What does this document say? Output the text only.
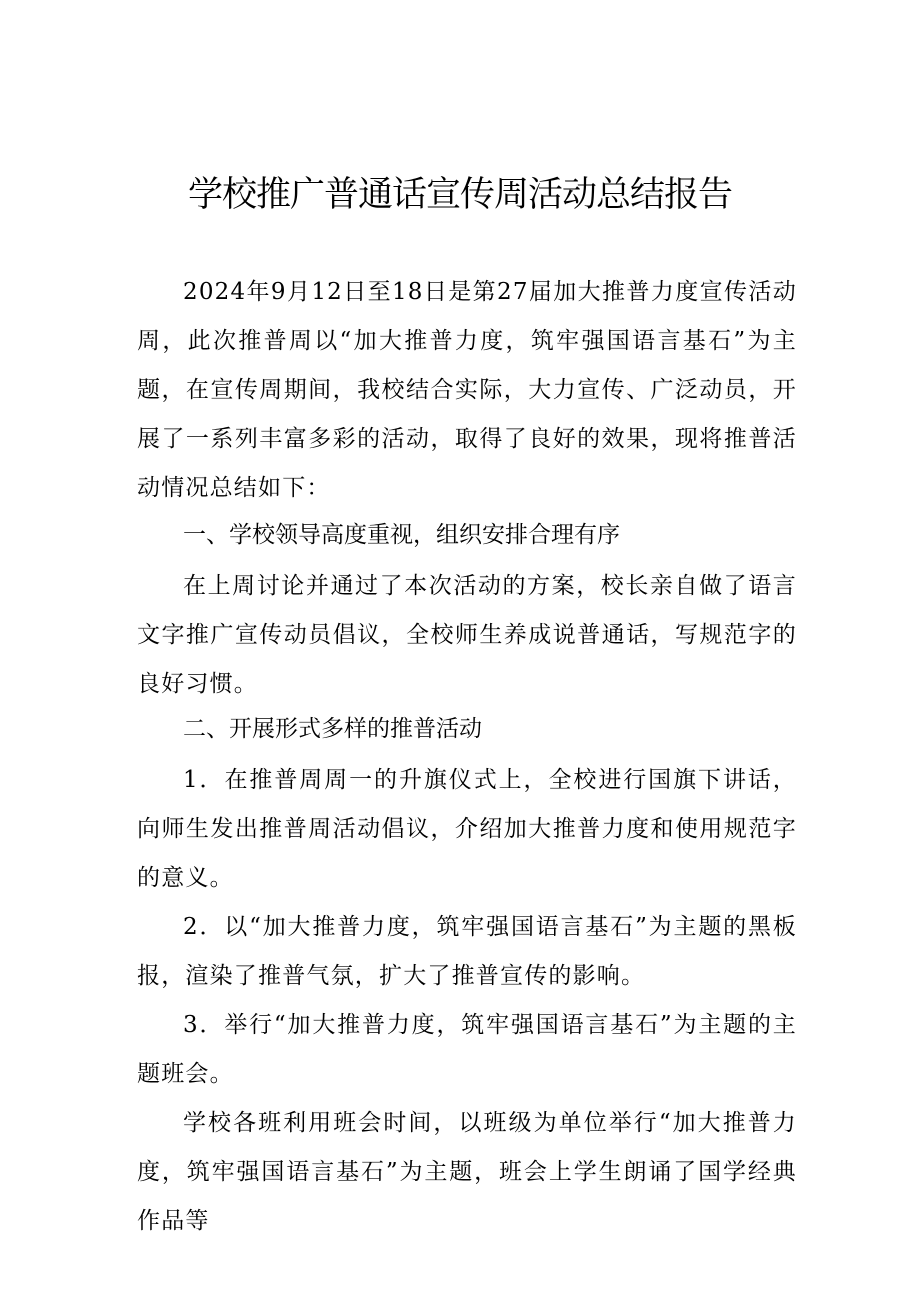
学校推广普通话宣传周活动总结报告

2024年9月12日至18日是第27届加大推普力度宣传活动周，此次推普周以“加大推普力度，筑牢强国语言基石”为主题，在宣传周期间，我校结合实际，大力宣传、广泛动员，开展了一系列丰富多彩的活动，取得了良好的效果，现将推普活动情况总结如下：

一、学校领导高度重视，组织安排合理有序

在上周讨论并通过了本次活动的方案，校长亲自做了语言文字推广宣传动员倡议，全校师生养成说普通话，写规范字的良好习惯。

二、开展形式多样的推普活动

1．在推普周周一的升旗仪式上，全校进行国旗下讲话，向师生发出推普周活动倡议，介绍加大推普力度和使用规范字的意义。

2．以“加大推普力度，筑牢强国语言基石”为主题的黑板报，渲染了推普气氛，扩大了推普宣传的影响。

3．举行“加大推普力度，筑牢强国语言基石”为主题的主题班会。

学校各班利用班会时间，以班级为单位举行“加大推普力度，筑牢强国语言基石”为主题，班会上学生朗诵了国学经典作品等
